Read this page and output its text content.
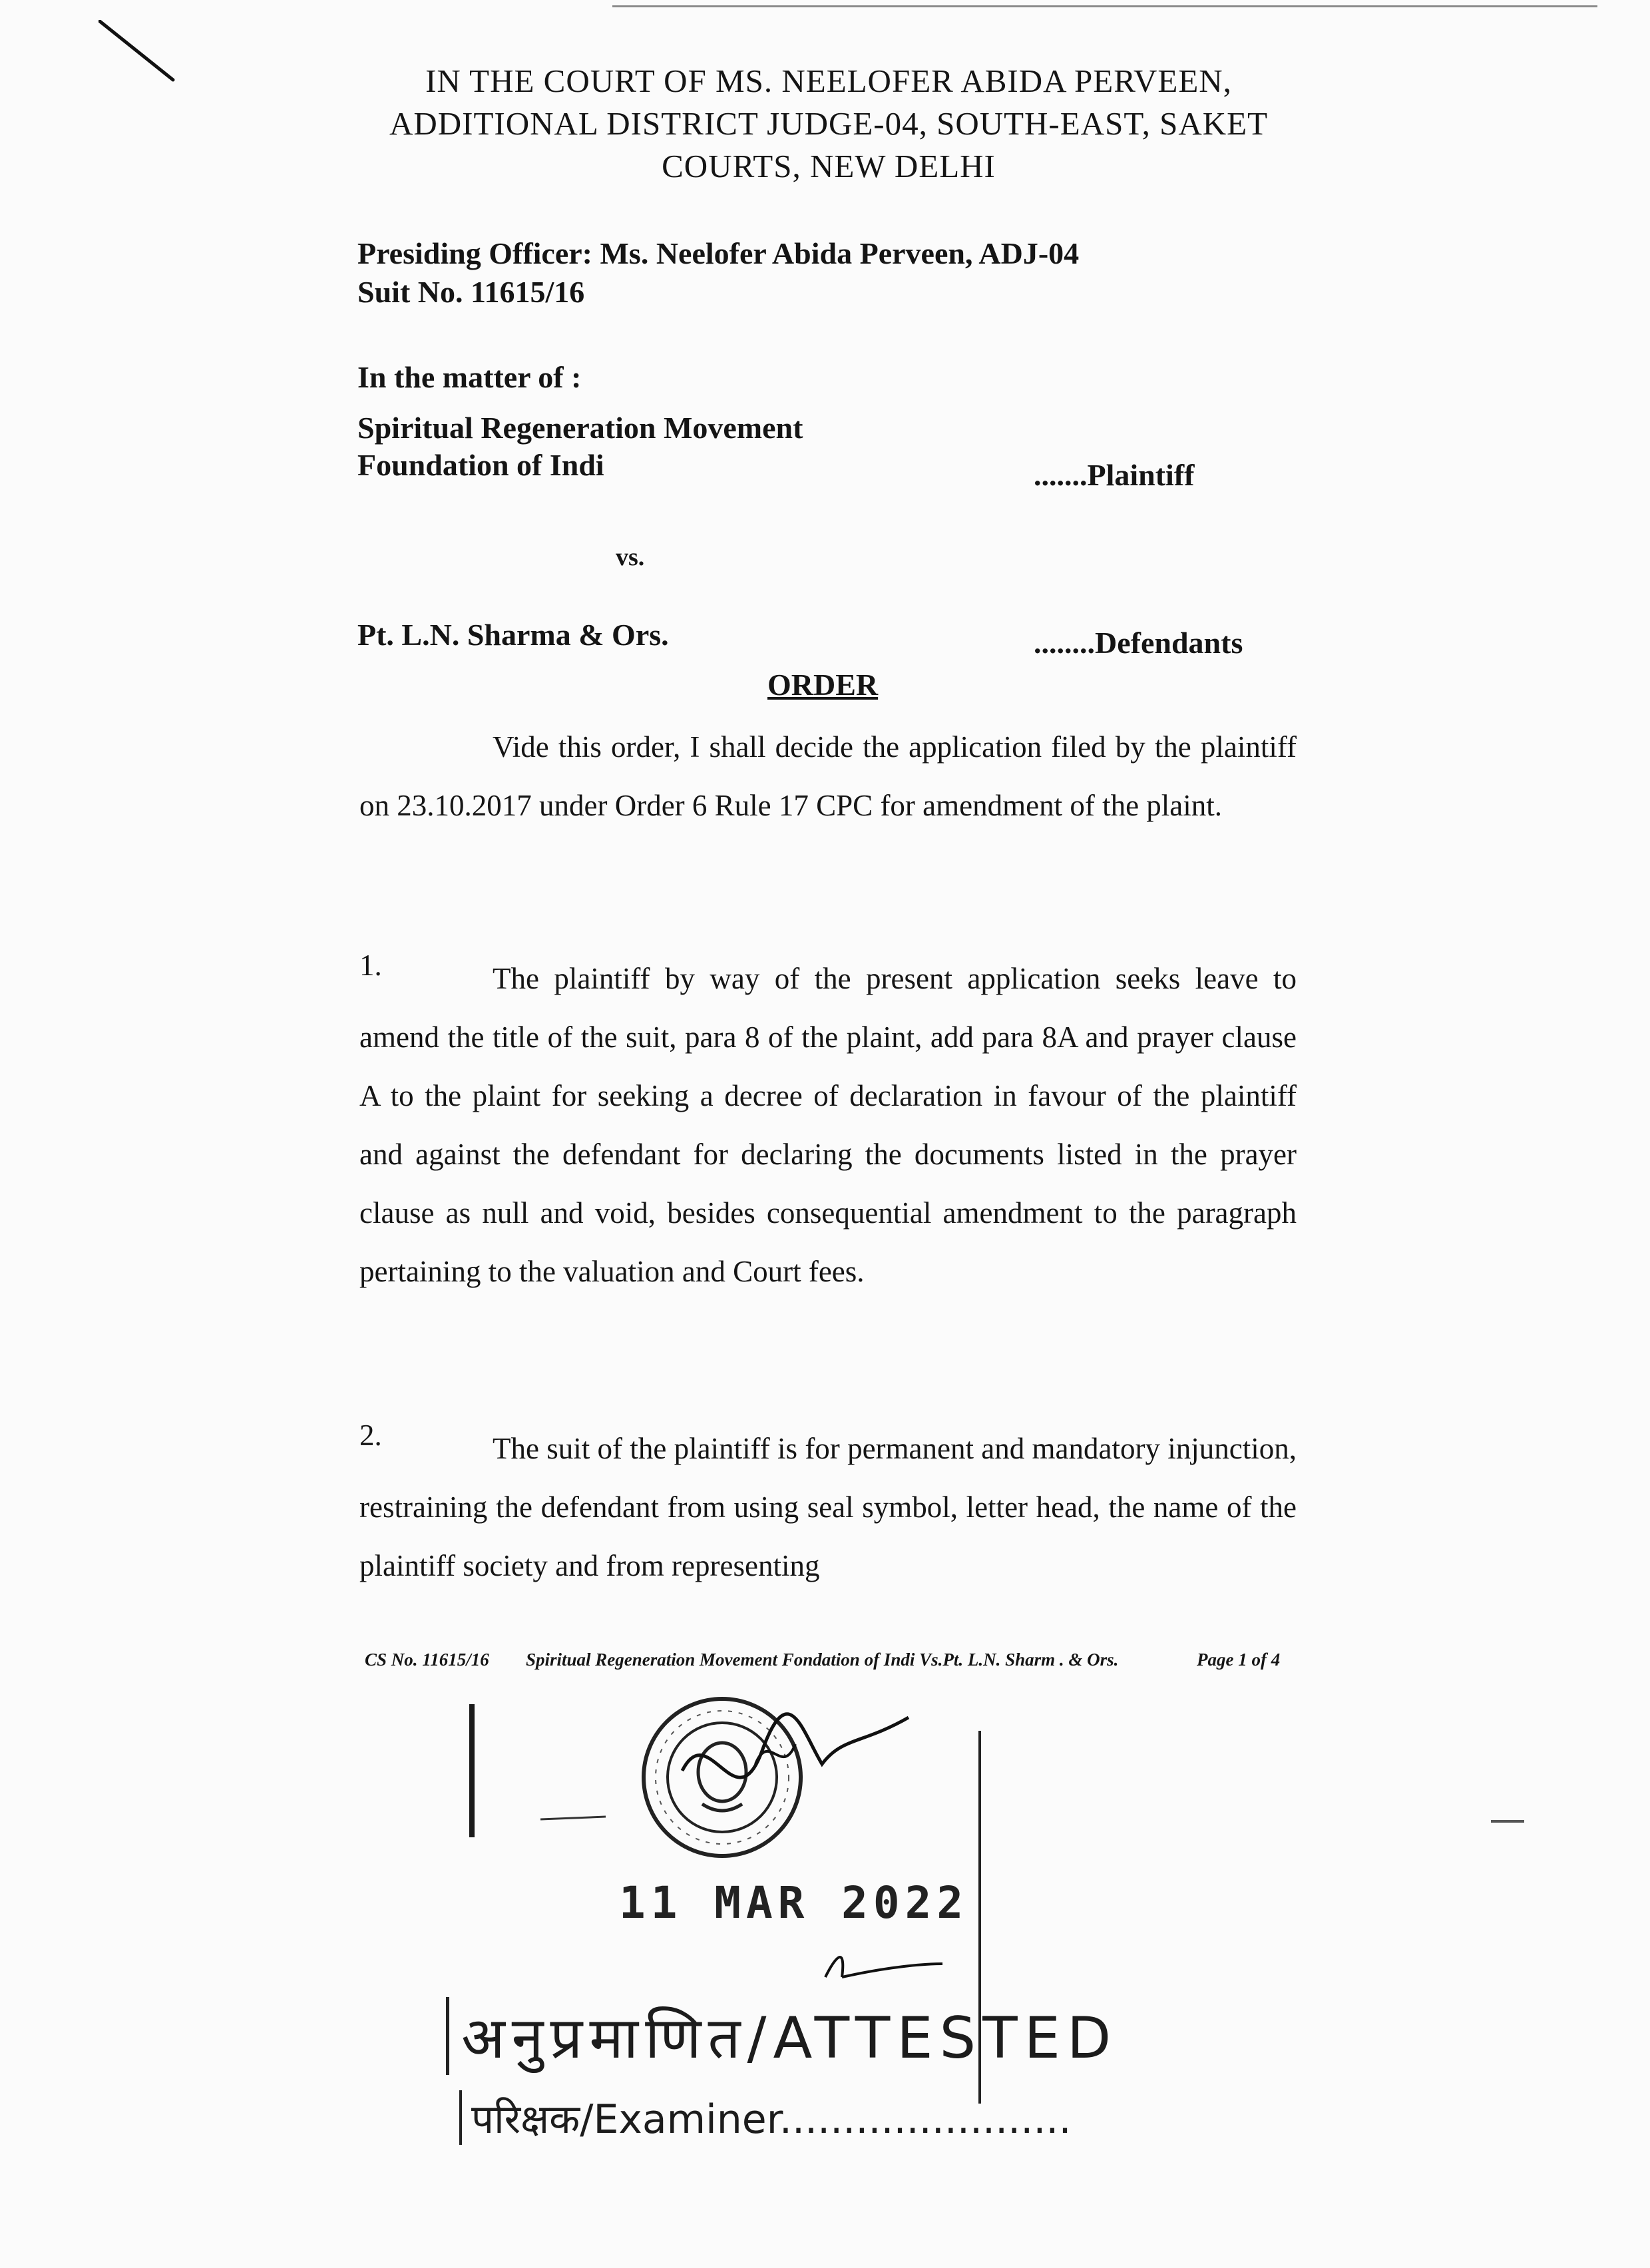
IN THE COURT OF MS. NEELOFER ABIDA PERVEEN,
ADDITIONAL DISTRICT JUDGE-04, SOUTH-EAST, SAKET
COURTS, NEW DELHI
Presiding Officer: Ms. Neelofer Abida Perveen, ADJ-04
Suit No. 11615/16
In the matter of :
Spiritual Regeneration Movement
Foundation of Indi	.......Plaintiff
vs.
Pt. L.N. Sharma & Ors.	........Defendants
ORDER
Vide this order, I shall decide the application filed by the plaintiff on 23.10.2017 under Order 6 Rule 17 CPC for amendment of the plaint.
1.	The plaintiff by way of the present application seeks leave to amend the title of the suit, para 8 of the plaint, add para 8A and prayer clause A to the plaint for seeking a decree of declaration in favour of the plaintiff and against the defendant for declaring the documents listed in the prayer clause as null and void, besides consequential amendment to the paragraph pertaining to the valuation and Court fees.
2.	The suit of the plaintiff is for permanent and mandatory injunction, restraining the defendant from using seal symbol, letter head, the name of the plaintiff society and from representing
CS No. 11615/16 Spiritual Regeneration Movement Fondation of Indi Vs.Pt. L.N. Sharm . & Ors.	Page 1 of 4
11 MAR 2022
अनुप्रमाणित/ATTESTED
परिक्षक/Examiner.......................
